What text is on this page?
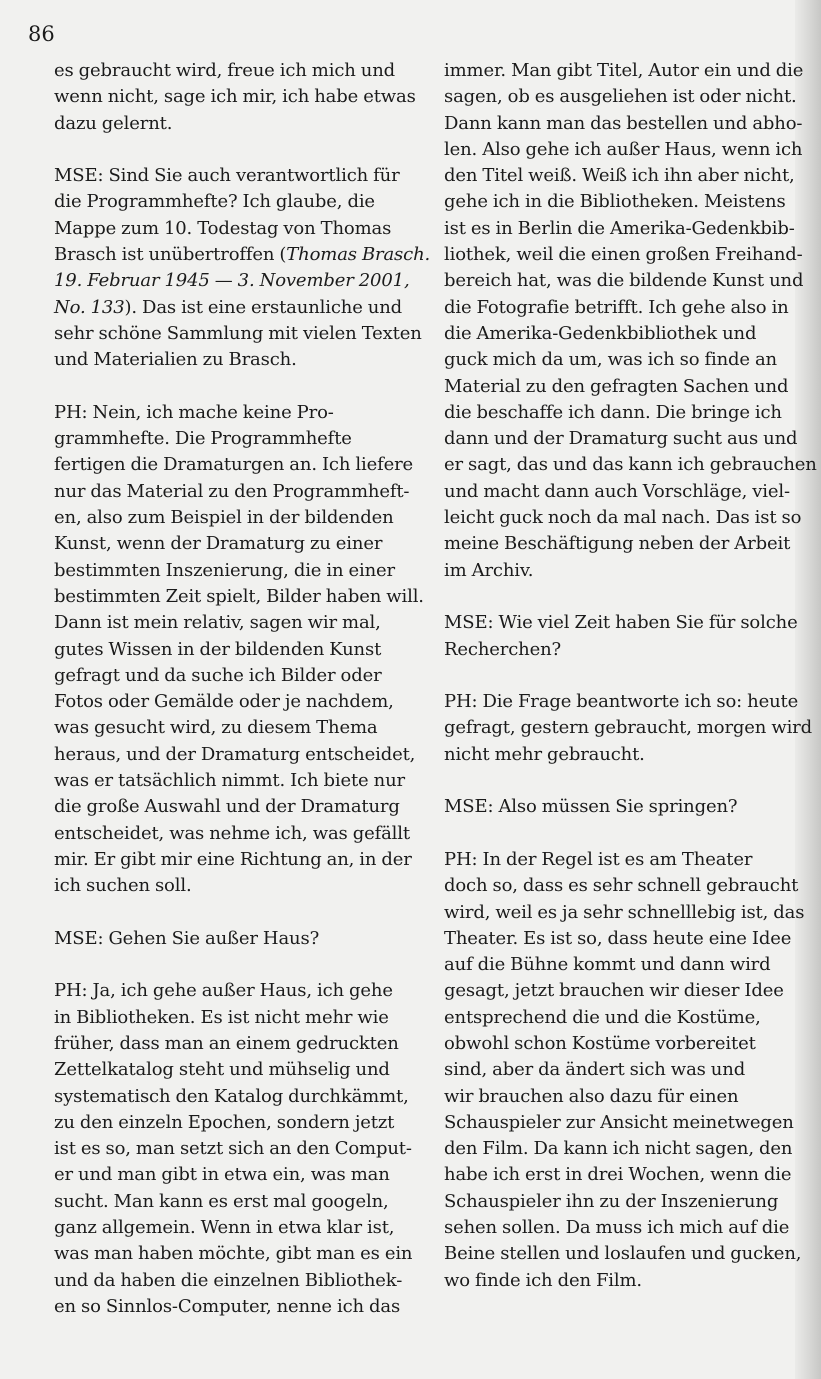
86
es gebraucht wird, freue ich mich und
wenn nicht, sage ich mir, ich habe etwas
dazu gelernt.
MSE: Sind Sie auch verantwortlich für
die Programmhefte? Ich glaube, die
Mappe zum 10. Todestag von Thomas
Brasch ist unübertroffen (Thomas Brasch.
19. Februar 1945 — 3. November 2001,
No. 133). Das ist eine erstaunliche und
sehr schöne Sammlung mit vielen Texten
und Materialien zu Brasch.
PH: Nein, ich mache keine Pro-
grammhefte. Die Programmhefte
fertigen die Dramaturgen an. Ich liefere
nur das Material zu den Programmheft-
en, also zum Beispiel in der bildenden
Kunst, wenn der Dramaturg zu einer
bestimmten Inszenierung, die in einer
bestimmten Zeit spielt, Bilder haben will.
Dann ist mein relativ, sagen wir mal,
gutes Wissen in der bildenden Kunst
gefragt und da suche ich Bilder oder
Fotos oder Gemälde oder je nachdem,
was gesucht wird, zu diesem Thema
heraus, und der Dramaturg entscheidet,
was er tatsächlich nimmt. Ich biete nur
die große Auswahl und der Dramaturg
entscheidet, was nehme ich, was gefällt
mir. Er gibt mir eine Richtung an, in der
ich suchen soll.
MSE: Gehen Sie außer Haus?
PH: Ja, ich gehe außer Haus, ich gehe
in Bibliotheken. Es ist nicht mehr wie
früher, dass man an einem gedruckten
Zettelkatalog steht und mühselig und
systematisch den Katalog durchkämmt,
zu den einzeln Epochen, sondern jetzt
ist es so, man setzt sich an den Comput-
er und man gibt in etwa ein, was man
sucht. Man kann es erst mal googeln,
ganz allgemein. Wenn in etwa klar ist,
was man haben möchte, gibt man es ein
und da haben die einzelnen Bibliothek-
en so Sinnlos-Computer, nenne ich das
immer. Man gibt Titel, Autor ein und die
sagen, ob es ausgeliehen ist oder nicht.
Dann kann man das bestellen und abho-
len. Also gehe ich außer Haus, wenn ich
den Titel weiß. Weiß ich ihn aber nicht,
gehe ich in die Bibliotheken. Meistens
ist es in Berlin die Amerika-Gedenkbib-
liothek, weil die einen großen Freihand-
bereich hat, was die bildende Kunst und
die Fotografie betrifft. Ich gehe also in
die Amerika-Gedenkbibliothek und
guck mich da um, was ich so finde an
Material zu den gefragten Sachen und
die beschaffe ich dann. Die bringe ich
dann und der Dramaturg sucht aus und
er sagt, das und das kann ich gebrauchen
und macht dann auch Vorschläge, viel-
leicht guck noch da mal nach. Das ist so
meine Beschäftigung neben der Arbeit
im Archiv.
MSE: Wie viel Zeit haben Sie für solche
Recherchen?
PH: Die Frage beantworte ich so: heute
gefragt, gestern gebraucht, morgen wird
nicht mehr gebraucht.
MSE: Also müssen Sie springen?
PH: In der Regel ist es am Theater
doch so, dass es sehr schnell gebraucht
wird, weil es ja sehr schnelllebig ist, das
Theater. Es ist so, dass heute eine Idee
auf die Bühne kommt und dann wird
gesagt, jetzt brauchen wir dieser Idee
entsprechend die und die Kostüme,
obwohl schon Kostüme vorbereitet
sind, aber da ändert sich was und
wir brauchen also dazu für einen
Schauspieler zur Ansicht meinetwegen
den Film. Da kann ich nicht sagen, den
habe ich erst in drei Wochen, wenn die
Schauspieler ihn zu der Inszenierung
sehen sollen. Da muss ich mich auf die
Beine stellen und loslaufen und gucken,
wo finde ich den Film.
